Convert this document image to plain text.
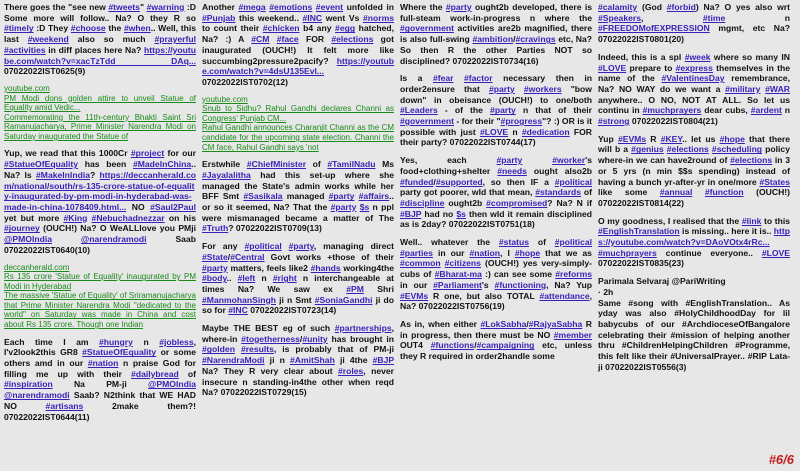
There goes the "see new #tweets" #warning :D Some more will follow.. Na? O they R so #timely :D They #choose the #when.. Well, this last #weekend also so much #prayerful #activities in diff places here Na? https://youtube.com/watch?v=xacTzTdd DAq... 07022022IST0625(9)

youtube.com
PM Modi dons golden attire to unveil Statue of Equality amid Vedic...
Commemorating the 11th-century Bhakti Saint Sri Ramanujacharya, Prime Minister Narendra Modi on Saturday inaugurated the Statue of

Yup, we read that this 1000Cr #project for our #StatueOfEquality has been #MadeInChina.. Na? Is #MakeInIndia? https://deccanherald.com/national/south/rs-135-crore-statue-of-equality-inaugurated-by-pm-modi-in-hyderabad-was-made-in-china-1078409.html... NO #Saul2Paul yet but more #King #Nebuchadnezzar on his #journey (OUCH!) Na? O WeALLlove you PMji @PMOIndia	@narendramodi Saab 07022022IST0640(10)

deccanherald.com
Rs 135 crore 'Statue of Equality' inaugurated by PM Modi in Hyderabad
The massive 'Statue of Equality' of Sriramanujacharya that Prime Minister Narendra Modi "dedicated to the world" on Saturday was made in China and cost about Rs 135 crore. Though one Indian

Each time I am #hungry n #jobless, I'v2look2this GR8 #StatueOfEquality or some others amd in our #nation n praise God for filling me up with their #dailybread of #inspiration Na PM-ji @PMOIndia @narendramodi Saab? N2think that WE HAD NO #artisans 2make them?! 07022022IST0644(11)

Another #mega #emotions #event unfolded in #Punjab this weekend.. #INC went Vs #norms to count their #chicken b4 any #egg hatched, Na? :) A #CM #face FOR #elections got inaugurated (OUCH!) It felt more like succumbing2pressure2pacify? https://youtube.com/watch?v=4dsU135Evl... 07022022IST0702(12)

youtube.com
Snub to Sidhu? Rahul Gandhi declares Channi as Congress' Punjab CM...
Rahul Gandhi announces Charanjit Channi as the CM candidate for the upcoming state election. Channi the CM face, Rahul Gandhi says 'not

Erstwhile #ChiefMinister of #TamilNadu Ms #Jayalalitha had this set-up where she managed the State's admin works while her BFF Smt #Sasikala managed #party #affairs.. or so it seemed, Na? That the #party $s n ppl were mismanaged became a matter of The #Truth? 07022022IST0709(13)

For any #political #party, managing direct #State/#Central Govt works +those of their #party matters, feels like2 #hands working4the #body.. #left n #right n interchangeable at times Na? We saw ex #PM Shri #ManmohanSingh ji n Smt #SoniaGandhi ji do so for #INC 07022022IST0723(14)

Maybe THE BEST eg of such #partnerships, where-in #togetherness/#unity has brought in #golden #results, is probably that of PM-ji #NarendraModi ji n #AmitShah ji 4the #BJP Na? They R very clear about #roles, never insecure n standing-in4the other when reqd Na? 07022022IST0729(15)

Where the #party ought2b developed, there is full-steam work-in-progress n where the #government activities are2b magnified, there is also full-swing #ambition/#cravings etc, Na? So then R the other Parties NOT so disciplined? 07022022IST0734(16)

Is a #fear #factor necessary then in order2ensure that #party #workers "bow down" in obeisance (OUCH!) to one/both #Leaders - of the #party n that of their #government - for their "#progress"? :) OR is it possible with just #LOVE n #dedication FOR their party? 07022022IST0744(17)

Yes, each #party	#worker's food+clothing+shelter #needs ought also2b #funded/#supported, so then IF a #political party got poorer, wld that mean, #standards of #discipline ought2b #compromised? Na? N if #BJP had no $s then wld it remain disciplined as is 2day? 07022022IST0751(18)

Well.. whatever the #status of #political #parties in our #nation, I #hope that we as #common #citizens (OUCH!) yes very-simply-cubs of #Bharat-ma :) can see some #reforms in our #Parliament's #functioning, Na? Yup #EVMs R one, but also TOTAL #attendance, Na? 07022022IST0756(19)

As in, when either #LokSabha/#RajyaSabha R in progress, then there must be NO #member OUT4 #functions/#campaigning etc, unless they R required in order2handle some

#calamity (God #forbid) Na? O yes also wrt #Speakers, #time n #FREEDOMofEXPRESSION mgmt, etc Na? 07022022IST0801(20)

Indeed, this is a spl #week where so many IN #LOVE prepare to #express themselves in the name of the #ValentinesDay remembrance, Na? NO WAY do we want a #military #WAR anywhere.. O NO, NOT AT ALL. So let us continu in #muchprayers dear cubs, #ardent n #strong 07022022IST0804(21)

Yup #EVMs R #KEY.. let us #hope that there will b a #genius #elections #scheduling policy where-in we can have2round of #elections in 3 or 5 yrs (n min $$s spending) instead of having a bunch yr-after-yr in one/more #States like some #annual #function (OUCH!) 07022022IST0814(22)

O my goodness, I realised that the #link to this #EnglishTranslation is missing.. here it is.. https://youtube.com/watch?v=DAoVOtx4rRc... #muchprayers continue everyone.. #LOVE 07022022IST0835(23)

Parimala Selvaraj @PariWriting
· 2h
Same #song with #EnglishTranslation.. As yday was also #HolyChildhoodDay for lil babycubs of our #ArchdioceseOfBangalore celebrating their #mission of helping another thru #ChildrenHelpingChildren #Programme, this felt like their #UniversalPrayer.. #RIP Lata-ji 07022022IST0556(3)
#6/6
